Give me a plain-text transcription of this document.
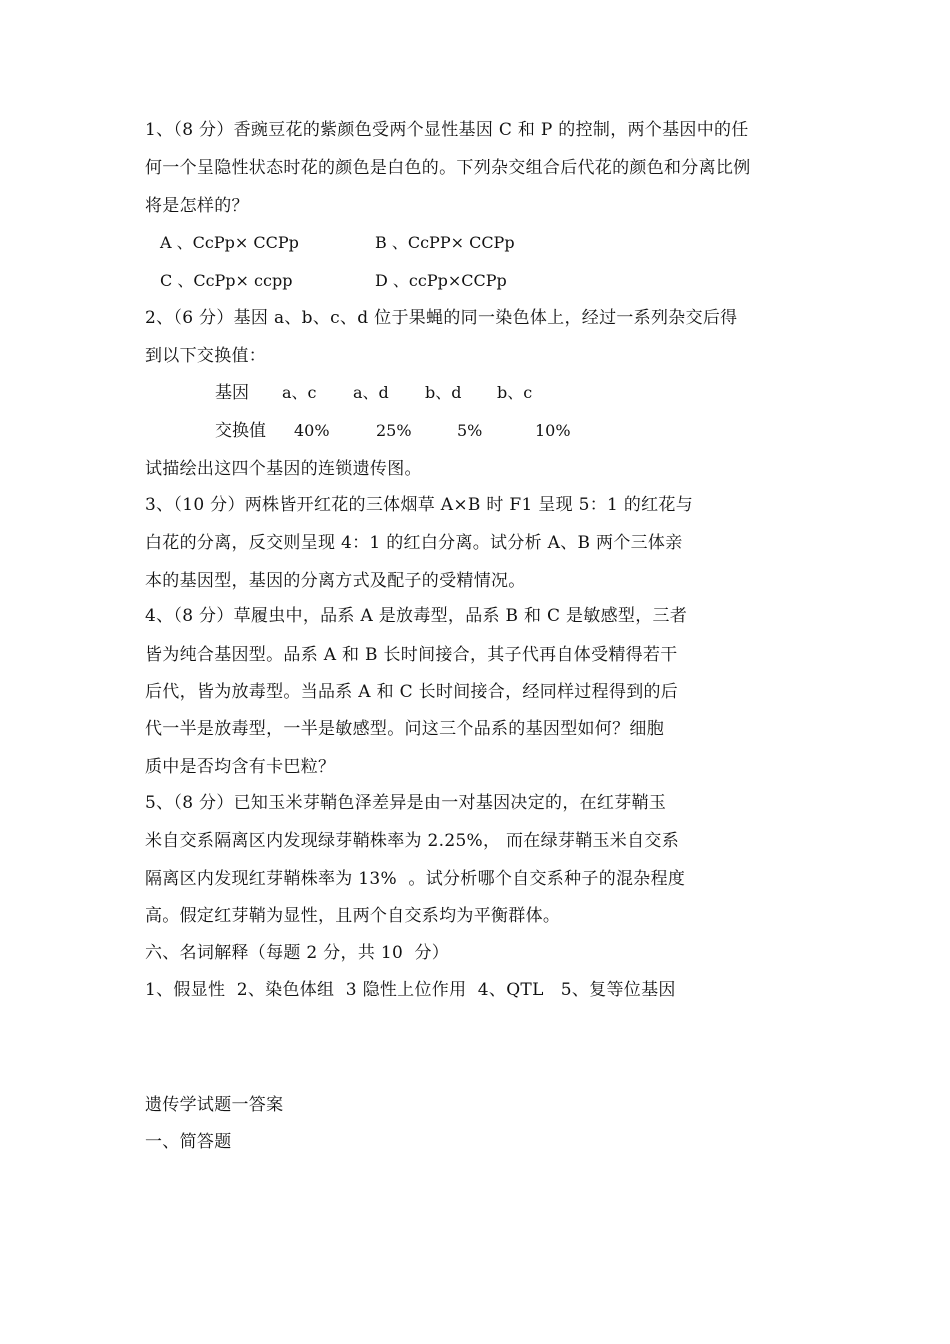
1、（8 分）香豌豆花的紫颜色受两个显性基因 C 和 P 的控制，两个基因中的任
何一个呈隐性状态时花的颜色是白色的。下列杂交组合后代花的颜色和分离比例
将是怎样的？
A 、CcPp× CCPp	B 、CcPP× CCPp
C 、CcPp× ccpp	D 、ccPp×CCPp
2、（6 分）基因 a、b、c、d 位于果蝇的同一染色体上，经过一系列杂交后得
到以下交换值：
基因 a、c a、d b、d b、c
交换值 40%	25%	5%	10%
试描绘出这四个基因的连锁遗传图。
3、（10 分）两株皆开红花的三体烟草 A×B 时 F1 呈现 5：1 的红花与
白花的分离，反交则呈现 4：1 的红白分离。试分析 A、B 两个三体亲
本的基因型，基因的分离方式及配子的受精情况。
4、（8 分）草履虫中，品系 A 是放毒型，品系 B 和 C 是敏感型，三者
皆为纯合基因型。品系 A 和 B 长时间接合，其子代再自体受精得若干
后代，皆为放毒型。当品系 A 和 C 长时间接合，经同样过程得到的后
代一半是放毒型，一半是敏感型。问这三个品系的基因型如何？细胞
质中是否均含有卡巴粒？
5、（8 分）已知玉米芽鞘色泽差异是由一对基因决定的，在红芽鞘玉
米自交系隔离区内发现绿芽鞘株率为 2.25%， 而在绿芽鞘玉米自交系
隔离区内发现红芽鞘株率为 13%  。试分析哪个自交系种子的混杂程度
高。假定红芽鞘为显性，且两个自交系均为平衡群体。
六、名词解释（每题 2 分，共 10  分）
1、假显性  2、染色体组  3 隐性上位作用  4、QTL   5、复等位基因
遗传学试题一答案
一、简答题
